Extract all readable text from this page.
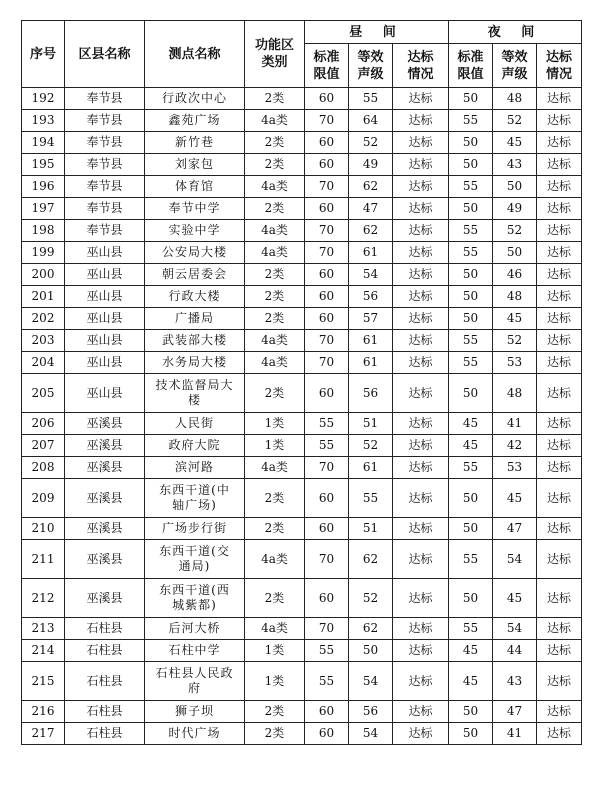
序号	区县名称	测点名称	功能区类别	昼 间			夜 间		
				标准限值	等效声级	达标情况	标准限值	等效声级	达标情况
192	奉节县	行政次中心	2类	60	55	达标	50	48	达标
193	奉节县	鑫苑广场	4a类	70	64	达标	55	52	达标
194	奉节县	新竹巷	2类	60	52	达标	50	45	达标
195	奉节县	刘家包	2类	60	49	达标	50	43	达标
196	奉节县	体育馆	4a类	70	62	达标	55	50	达标
197	奉节县	奉节中学	2类	60	47	达标	50	49	达标
198	奉节县	实验中学	4a类	70	62	达标	55	52	达标
199	巫山县	公安局大楼	4a类	70	61	达标	55	50	达标
200	巫山县	朝云居委会	2类	60	54	达标	50	46	达标
201	巫山县	行政大楼	2类	60	56	达标	50	48	达标
202	巫山县	广播局	2类	60	57	达标	50	45	达标
203	巫山县	武装部大楼	4a类	70	61	达标	55	52	达标
204	巫山县	水务局大楼	4a类	70	61	达标	55	53	达标
205	巫山县	技术监督局大楼	2类	60	56	达标	50	48	达标
206	巫溪县	人民街	1类	55	51	达标	45	41	达标
207	巫溪县	政府大院	1类	55	52	达标	45	42	达标
208	巫溪县	滨河路	4a类	70	61	达标	55	53	达标
209	巫溪县	东西干道(中轴广场)	2类	60	55	达标	50	45	达标
210	巫溪县	广场步行街	2类	60	51	达标	50	47	达标
211	巫溪县	东西干道(交通局)	4a类	70	62	达标	55	54	达标
212	巫溪县	东西干道(西城紫都)	2类	60	52	达标	50	45	达标
213	石柱县	后河大桥	4a类	70	62	达标	55	54	达标
214	石柱县	石柱中学	1类	55	50	达标	45	44	达标
215	石柱县	石柱县人民政府	1类	55	54	达标	45	43	达标
216	石柱县	狮子坝	2类	60	56	达标	50	47	达标
217	石柱县	时代广场	2类	60	54	达标	50	41	达标
